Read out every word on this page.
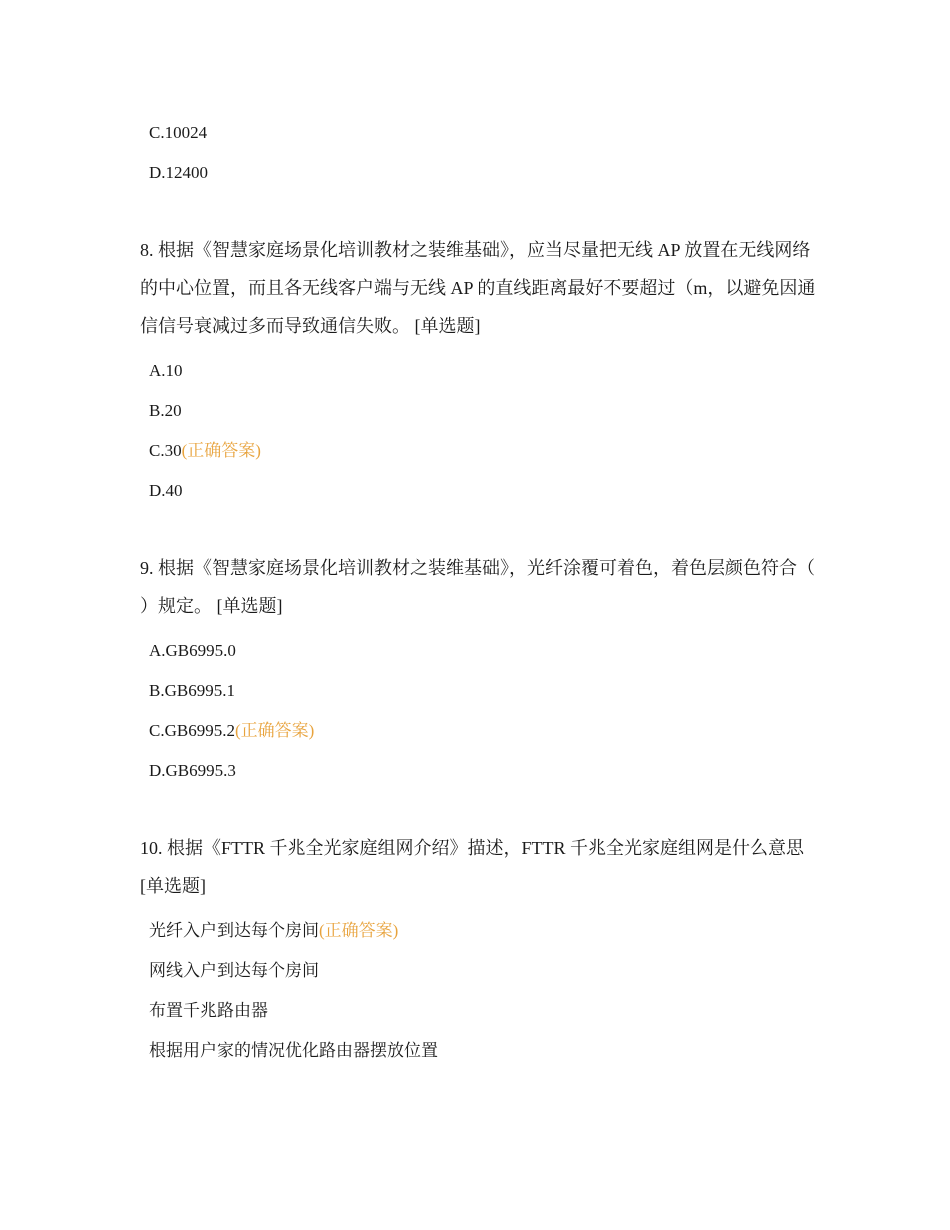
C.10024
D.12400
8. 根据《智慧家庭场景化培训教材之装维基础》，应当尽量把无线 AP 放置在无线网络的中心位置，而且各无线客户端与无线 AP 的直线距离最好不要超过（m，以避免因通信信号衰减过多而导致通信失败。 [单选题]
A.10
B.20
C.30(正确答案)
D.40
9. 根据《智慧家庭场景化培训教材之装维基础》，光纤涂覆可着色，着色层颜色符合（ ）规定。 [单选题]
A.GB6995.0
B.GB6995.1
C.GB6995.2(正确答案)
D.GB6995.3
10. 根据《FTTR 千兆全光家庭组网介绍》描述，FTTR 千兆全光家庭组网是什么意思 [单选题]
光纤入户到达每个房间(正确答案)
网线入户到达每个房间
布置千兆路由器
根据用户家的情况优化路由器摆放位置
